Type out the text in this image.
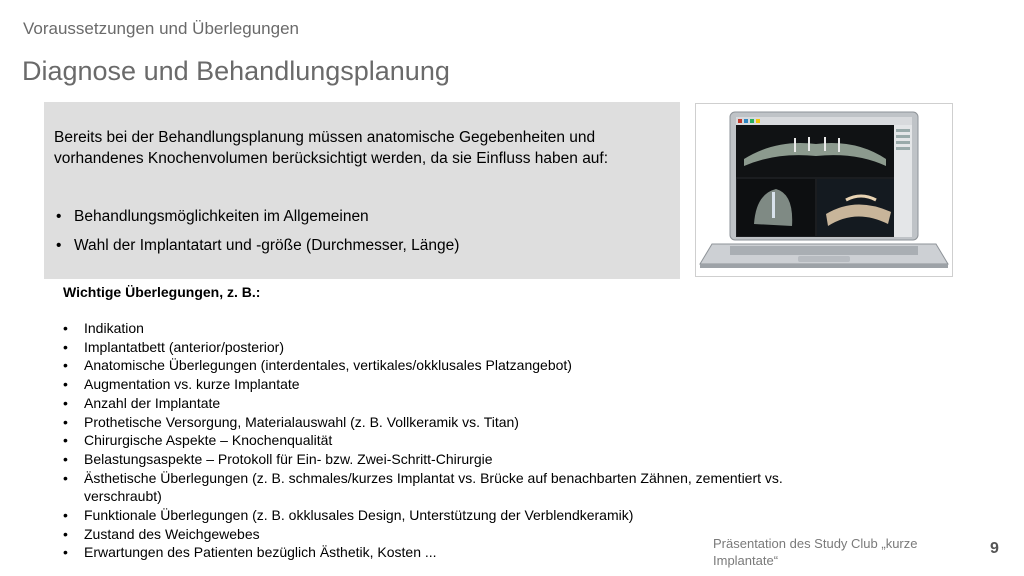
Voraussetzungen und Überlegungen
Diagnose und Behandlungsplanung

Bereits bei der Behandlungsplanung müssen anatomische Gegebenheiten und vorhandenes Knochenvolumen berücksichtigt werden, da sie Einfluss haben auf:

• Behandlungsmöglichkeiten im Allgemeinen
• Wahl der Implantatart und -größe (Durchmesser, Länge)
Wichtige Überlegungen, z. B.:
• Indikation
• Implantatbett (anterior/posterior)
• Anatomische Überlegungen (interdentales, vertikales/okklusales Platzangebot)
• Augmentation vs. kurze Implantate
• Anzahl der Implantate
• Prothetische Versorgung, Materialauswahl (z. B. Vollkeramik vs. Titan)
• Chirurgische Aspekte – Knochenqualität
• Belastungsaspekte – Protokoll für Ein- bzw. Zwei-Schritt-Chirurgie
• Ästhetische Überlegungen (z. B. schmales/kurzes Implantat vs. Brücke auf benachbarten Zähnen, zementiert vs. verschraubt)
• Funktionale Überlegungen (z. B. okklusales Design, Unterstützung der Verblendkeramik)
• Zustand des Weichgewebes
• Erwartungen des Patienten bezüglich Ästhetik, Kosten ...
Präsentation des Study Club „kurze Implantate“
9
